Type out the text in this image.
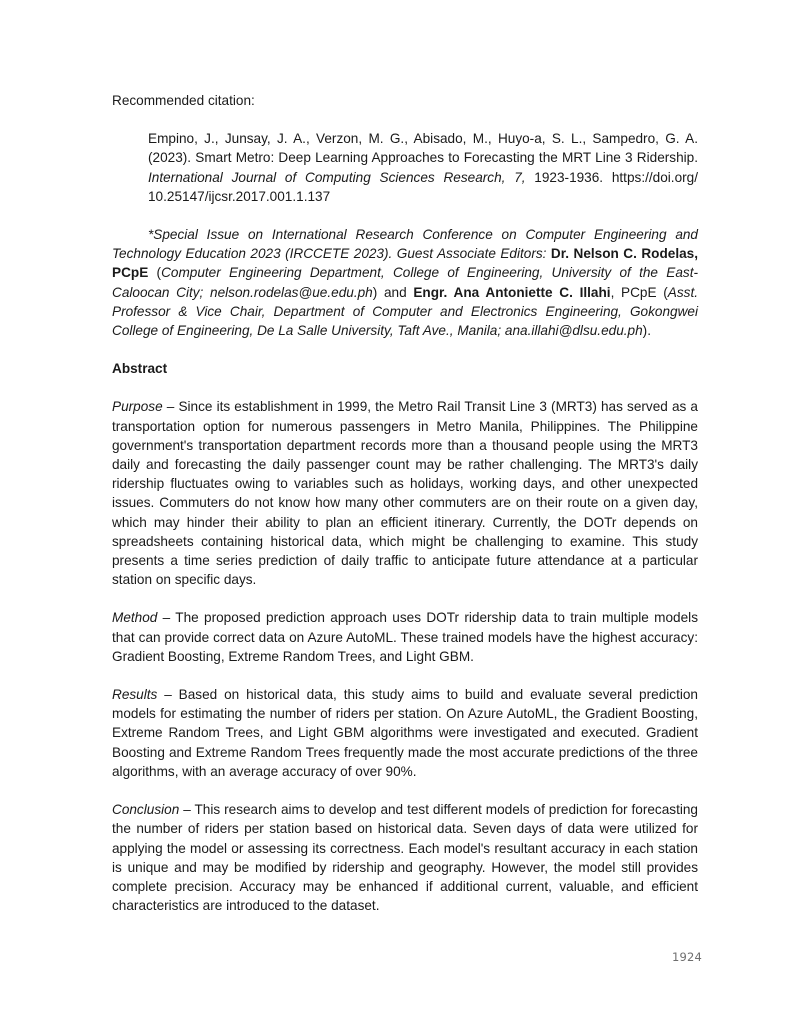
Recommended citation:

Empino, J., Junsay, J. A., Verzon, M. G., Abisado, M., Huyo-a, S. L., Sampedro, G. A. (2023). Smart Metro: Deep Learning Approaches to Forecasting the MRT Line 3 Ridership. International Journal of Computing Sciences Research, 7, 1923-1936. https://doi.org/ 10.25147/ijcsr.2017.001.1.137

*Special Issue on International Research Conference on Computer Engineering and Technology Education 2023 (IRCCETE 2023). Guest Associate Editors: Dr. Nelson C. Rodelas, PCpE (Computer Engineering Department, College of Engineering, University of the East-Caloocan City; nelson.rodelas@ue.edu.ph) and Engr. Ana Antoniette C. Illahi, PCpE (Asst. Professor & Vice Chair, Department of Computer and Electronics Engineering, Gokongwei College of Engineering, De La Salle University, Taft Ave., Manila; ana.illahi@dlsu.edu.ph).

Abstract

Purpose – Since its establishment in 1999, the Metro Rail Transit Line 3 (MRT3) has served as a transportation option for numerous passengers in Metro Manila, Philippines. The Philippine government's transportation department records more than a thousand people using the MRT3 daily and forecasting the daily passenger count may be rather challenging. The MRT3's daily ridership fluctuates owing to variables such as holidays, working days, and other unexpected issues. Commuters do not know how many other commuters are on their route on a given day, which may hinder their ability to plan an efficient itinerary. Currently, the DOTr depends on spreadsheets containing historical data, which might be challenging to examine. This study presents a time series prediction of daily traffic to anticipate future attendance at a particular station on specific days.

Method – The proposed prediction approach uses DOTr ridership data to train multiple models that can provide correct data on Azure AutoML. These trained models have the highest accuracy: Gradient Boosting, Extreme Random Trees, and Light GBM.

Results – Based on historical data, this study aims to build and evaluate several prediction models for estimating the number of riders per station. On Azure AutoML, the Gradient Boosting, Extreme Random Trees, and Light GBM algorithms were investigated and executed. Gradient Boosting and Extreme Random Trees frequently made the most accurate predictions of the three algorithms, with an average accuracy of over 90%.

Conclusion – This research aims to develop and test different models of prediction for forecasting the number of riders per station based on historical data. Seven days of data were utilized for applying the model or assessing its correctness. Each model's resultant accuracy in each station is unique and may be modified by ridership and geography. However, the model still provides complete precision. Accuracy may be enhanced if additional current, valuable, and efficient characteristics are introduced to the dataset.

1924
